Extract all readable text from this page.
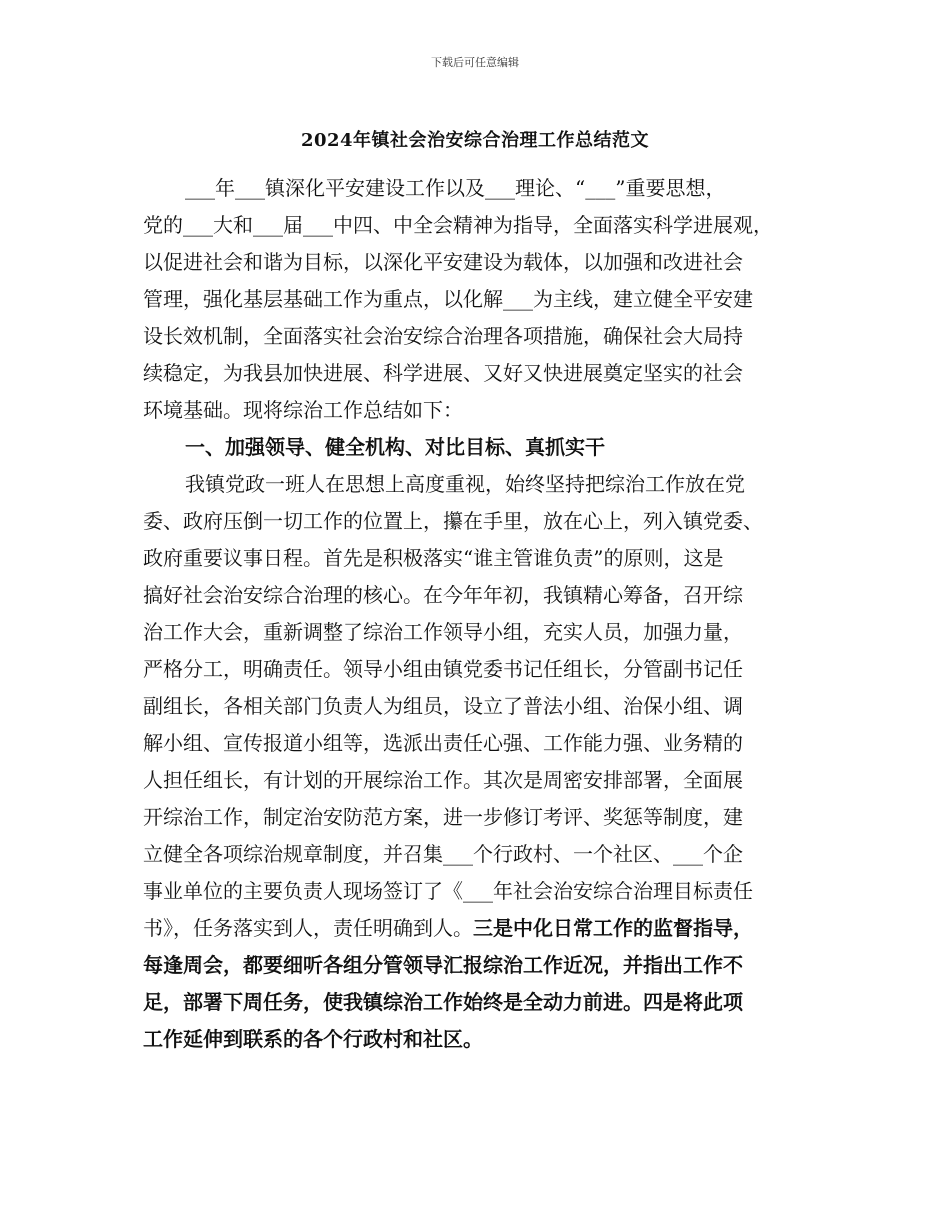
下载后可任意编辑
2024年镇社会治安综合治理工作总结范文
___年___镇深化平安建设工作以及___理论、“___”重要思想，
党的___大和___届___中四、中全会精神为指导，全面落实科学进展观，
以促进社会和谐为目标，以深化平安建设为载体，以加强和改进社会
管理，强化基层基础工作为重点，以化解___为主线，建立健全平安建
设长效机制，全面落实社会治安综合治理各项措施，确保社会大局持
续稳定，为我县加快进展、科学进展、又好又快进展奠定坚实的社会
环境基础。现将综治工作总结如下：
一、加强领导、健全机构、对比目标、真抓实干
我镇党政一班人在思想上高度重视，始终坚持把综治工作放在党
委、政府压倒一切工作的位置上，攥在手里，放在心上，列入镇党委、
政府重要议事日程。首先是积极落实“谁主管谁负责”的原则，这是
搞好社会治安综合治理的核心。在今年年初，我镇精心筹备，召开综
治工作大会，重新调整了综治工作领导小组，充实人员，加强力量，
严格分工，明确责任。领导小组由镇党委书记任组长，分管副书记任
副组长，各相关部门负责人为组员，设立了普法小组、治保小组、调
解小组、宣传报道小组等，选派出责任心强、工作能力强、业务精的
人担任组长，有计划的开展综治工作。其次是周密安排部署，全面展
开综治工作，制定治安防范方案，进一步修订考评、奖惩等制度，建
立健全各项综治规章制度，并召集___个行政村、一个社区、___个企
事业单位的主要负责人现场签订了《___年社会治安综合治理目标责任
书》，任务落实到人，责任明确到人。三是中化日常工作的监督指导，
每逢周会，都要细听各组分管领导汇报综治工作近况，并指出工作不
足，部署下周任务，使我镇综治工作始终是全动力前进。四是将此项
工作延伸到联系的各个行政村和社区。
